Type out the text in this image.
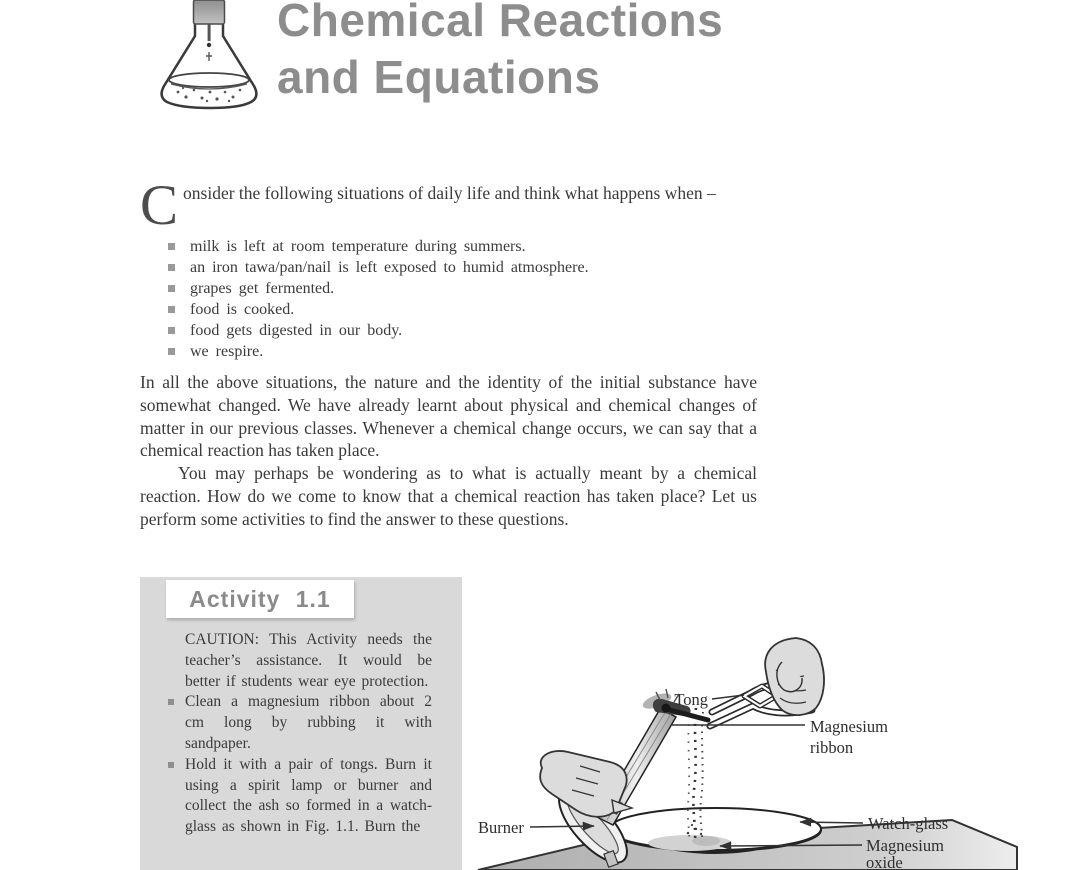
Chemical Reactions
and Equations
Consider the following situations of daily life and think what happens when –
milk is left at room temperature during summers.
an iron tawa/pan/nail is left exposed to humid atmosphere.
grapes get fermented.
food is cooked.
food gets digested in our body.
we respire.

In all the above situations, the nature and the identity of the initial substance have somewhat changed. We have already learnt about physical and chemical changes of matter in our previous classes. Whenever a chemical change occurs, we can say that a chemical reaction has taken place.

You may perhaps be wondering as to what is actually meant by a chemical reaction. How do we come to know that a chemical reaction has taken place? Let us perform some activities to find the answer to these questions.

Activity 1.1

CAUTION: This Activity needs the teacher’s assistance. It would be better if students wear eye protection.

Clean a magnesium ribbon about 2 cm long by rubbing it with sandpaper.
Hold it with a pair of tongs. Burn it using a spirit lamp or burner and collect the ash so formed in a watch-glass as shown in Fig. 1.1. Burn the
Tong
Magnesium
ribbon
Burner	Watch-glass
Magnesium
oxide
